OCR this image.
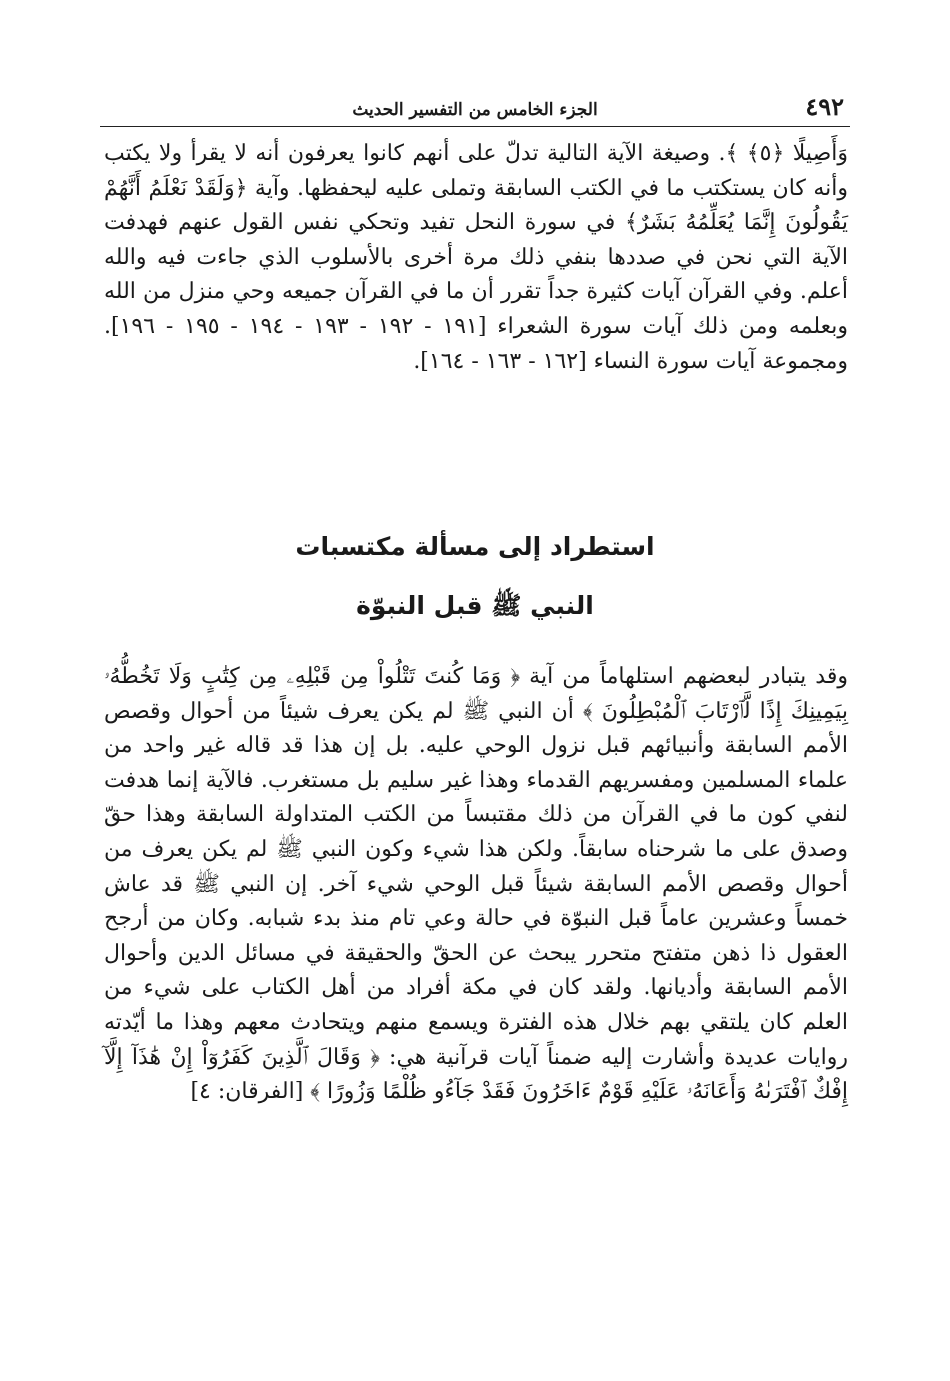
٤٩٢
الجزء الخامس من التفسير الحديث

وَأَصِيلًا ﴿٥﴾ ﴾. وصيغة الآية التالية تدلّ على أنهم كانوا يعرفون أنه لا يقرأ ولا يكتب وأنه كان يستكتب ما في الكتب السابقة وتملى عليه ليحفظها. وآية ﴿وَلَقَدْ نَعْلَمُ أَنَّهُمْ يَقُولُونَ إِنَّمَا يُعَلِّمُهُ بَشَرٌ﴾ في سورة النحل تفيد وتحكي نفس القول عنهم فهدفت الآية التي نحن في صددها بنفي ذلك مرة أخرى بالأسلوب الذي جاءت فيه والله أعلم. وفي القرآن آيات كثيرة جداً تقرر أن ما في القرآن جميعه وحي منزل من الله وبعلمه ومن ذلك آيات سورة الشعراء [١٩١ - ١٩٢ - ١٩٣ - ١٩٤ - ١٩٥ - ١٩٦]. ومجموعة آيات سورة النساء [١٦٢ - ١٦٣ - ١٦٤].

استطراد إلى مسألة مكتسبات
النبي ﷺ قبل النبوّة

وقد يتبادر لبعضهم استلهاماً من آية ﴿ وَمَا كُنتَ تَتْلُواْ مِن قَبْلِهِۦ مِن كِتَٰبٍ وَلَا تَخُطُّهُۥ بِيَمِينِكَ إِذًا لَّٱرْتَابَ ٱلْمُبْطِلُونَ ﴾ أن النبي ﷺ لم يكن يعرف شيئاً من أحوال وقصص الأمم السابقة وأنبيائهم قبل نزول الوحي عليه. بل إن هذا قد قاله غير واحد من علماء المسلمين ومفسريهم القدماء وهذا غير سليم بل مستغرب. فالآية إنما هدفت لنفي كون ما في القرآن من ذلك مقتبساً من الكتب المتداولة السابقة وهذا حقّ وصدق على ما شرحناه سابقاً. ولكن هذا شيء وكون النبي ﷺ لم يكن يعرف من أحوال وقصص الأمم السابقة شيئاً قبل الوحي شيء آخر. إن النبي ﷺ قد عاش خمساً وعشرين عاماً قبل النبوّة في حالة وعي تام منذ بدء شبابه. وكان من أرجح العقول ذا ذهن متفتح متحرر يبحث عن الحقّ والحقيقة في مسائل الدين وأحوال الأمم السابقة وأديانها. ولقد كان في مكة أفراد من أهل الكتاب على شيء من العلم كان يلتقي بهم خلال هذه الفترة ويسمع منهم ويتحادث معهم وهذا ما أيّدته روايات عديدة وأشارت إليه ضمناً آيات قرآنية هي: ﴿ وَقَالَ ٱلَّذِينَ كَفَرُوٓاْ إِنْ هَٰذَآ إِلَّآ إِفْكٌ ٱفْتَرَىٰهُ وَأَعَانَهُۥ عَلَيْهِ قَوْمٌ ءَاخَرُونَ فَقَدْ جَآءُو ظُلْمًا وَزُورًا ﴾ [الفرقان: ٤]
